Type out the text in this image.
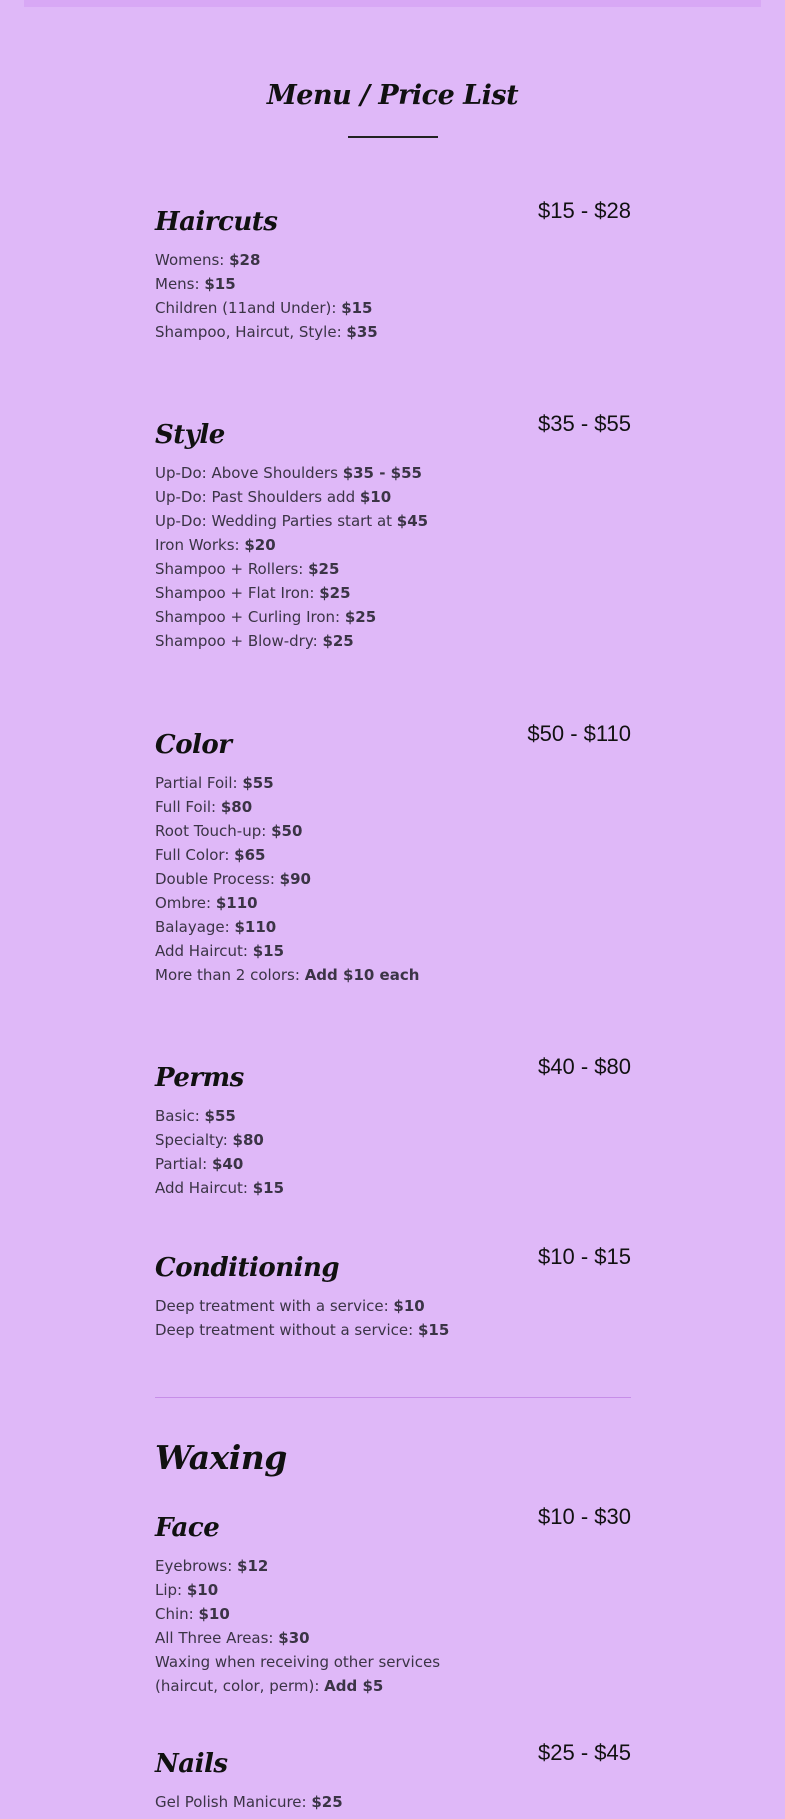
Menu / Price List
Haircuts	$15 - $28
Womens: $28
Mens: $15
Children (11and Under): $15
Shampoo, Haircut, Style: $35
Style	$35 - $55
Up-Do: Above Shoulders $35 - $55
Up-Do: Past Shoulders add $10
Up-Do: Wedding Parties start at $45
Iron Works: $20
Shampoo + Rollers: $25
Shampoo + Flat Iron: $25
Shampoo + Curling Iron: $25
Shampoo + Blow-dry: $25
Color	$50 - $110
Partial Foil: $55
Full Foil: $80
Root Touch-up: $50
Full Color: $65
Double Process: $90
Ombre: $110
Balayage: $110
Add Haircut: $15
More than 2 colors: Add $10 each
Perms	$40 - $80
Basic: $55
Specialty: $80
Partial: $40
Add Haircut: $15
Conditioning	$10 - $15
Deep treatment with a service: $10
Deep treatment without a service: $15
Waxing
Face	$10 - $30
Eyebrows: $12
Lip: $10
Chin: $10
All Three Areas: $30
Waxing when receiving other services (haircut, color, perm): Add $5
Nails	$25 - $45
Gel Polish Manicure: $25
